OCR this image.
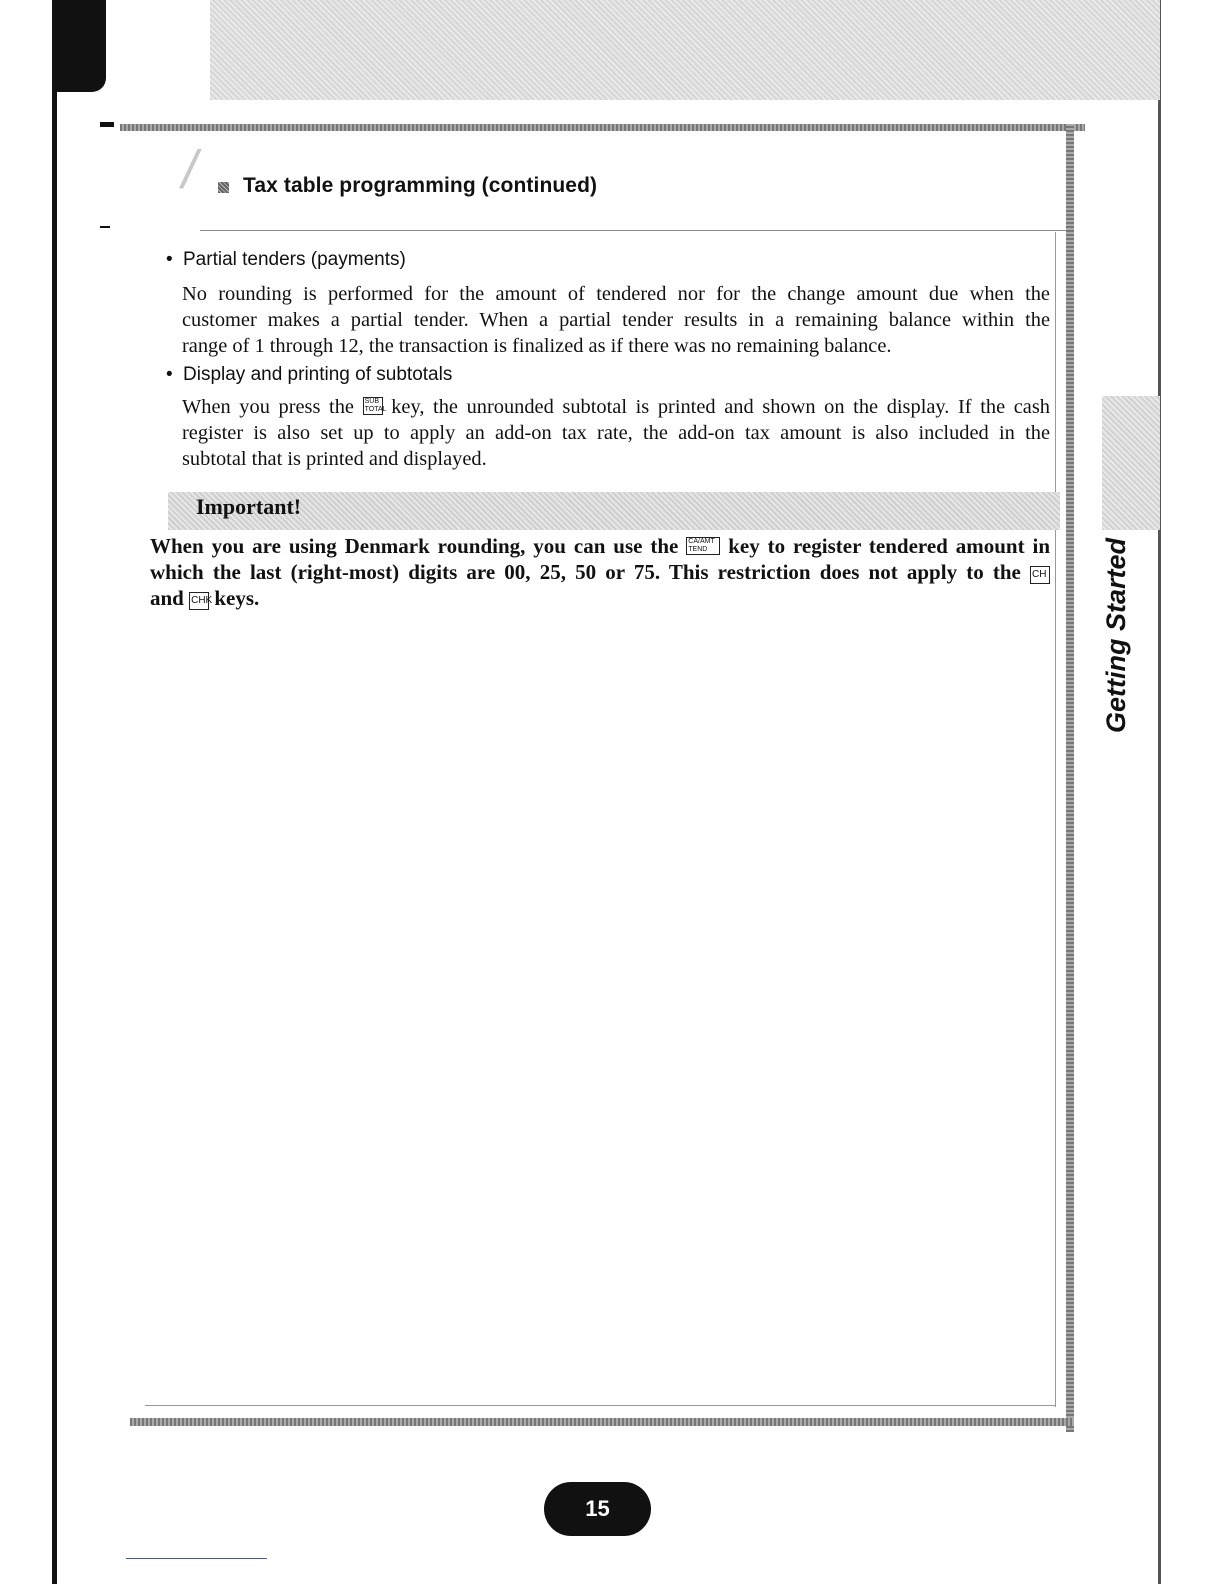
/	Tax table programming (continued)
• Partial tenders (payments)
No rounding is performed for the amount of tendered nor for the change amount due when the
customer makes a partial tender. When a partial tender results in a remaining balance within the
range of 1 through 12, the transaction is finalized as if there was no remaining balance.
• Display and printing of subtotals
When you press the SUB
TOTAL key, the unrounded subtotal is printed and shown on the display. If the cash
register is also set up to apply an add-on tax rate, the add-on tax amount is also included in the
subtotal that is printed and displayed.
Important!
When you are using Denmark rounding, you can use the CA/AMT
TEND key to register tendered amount in
which the last (right-most) digits are 00, 25, 50 or 75. This restriction does not apply to the CH
and CHK keys.	Getting Started
15
